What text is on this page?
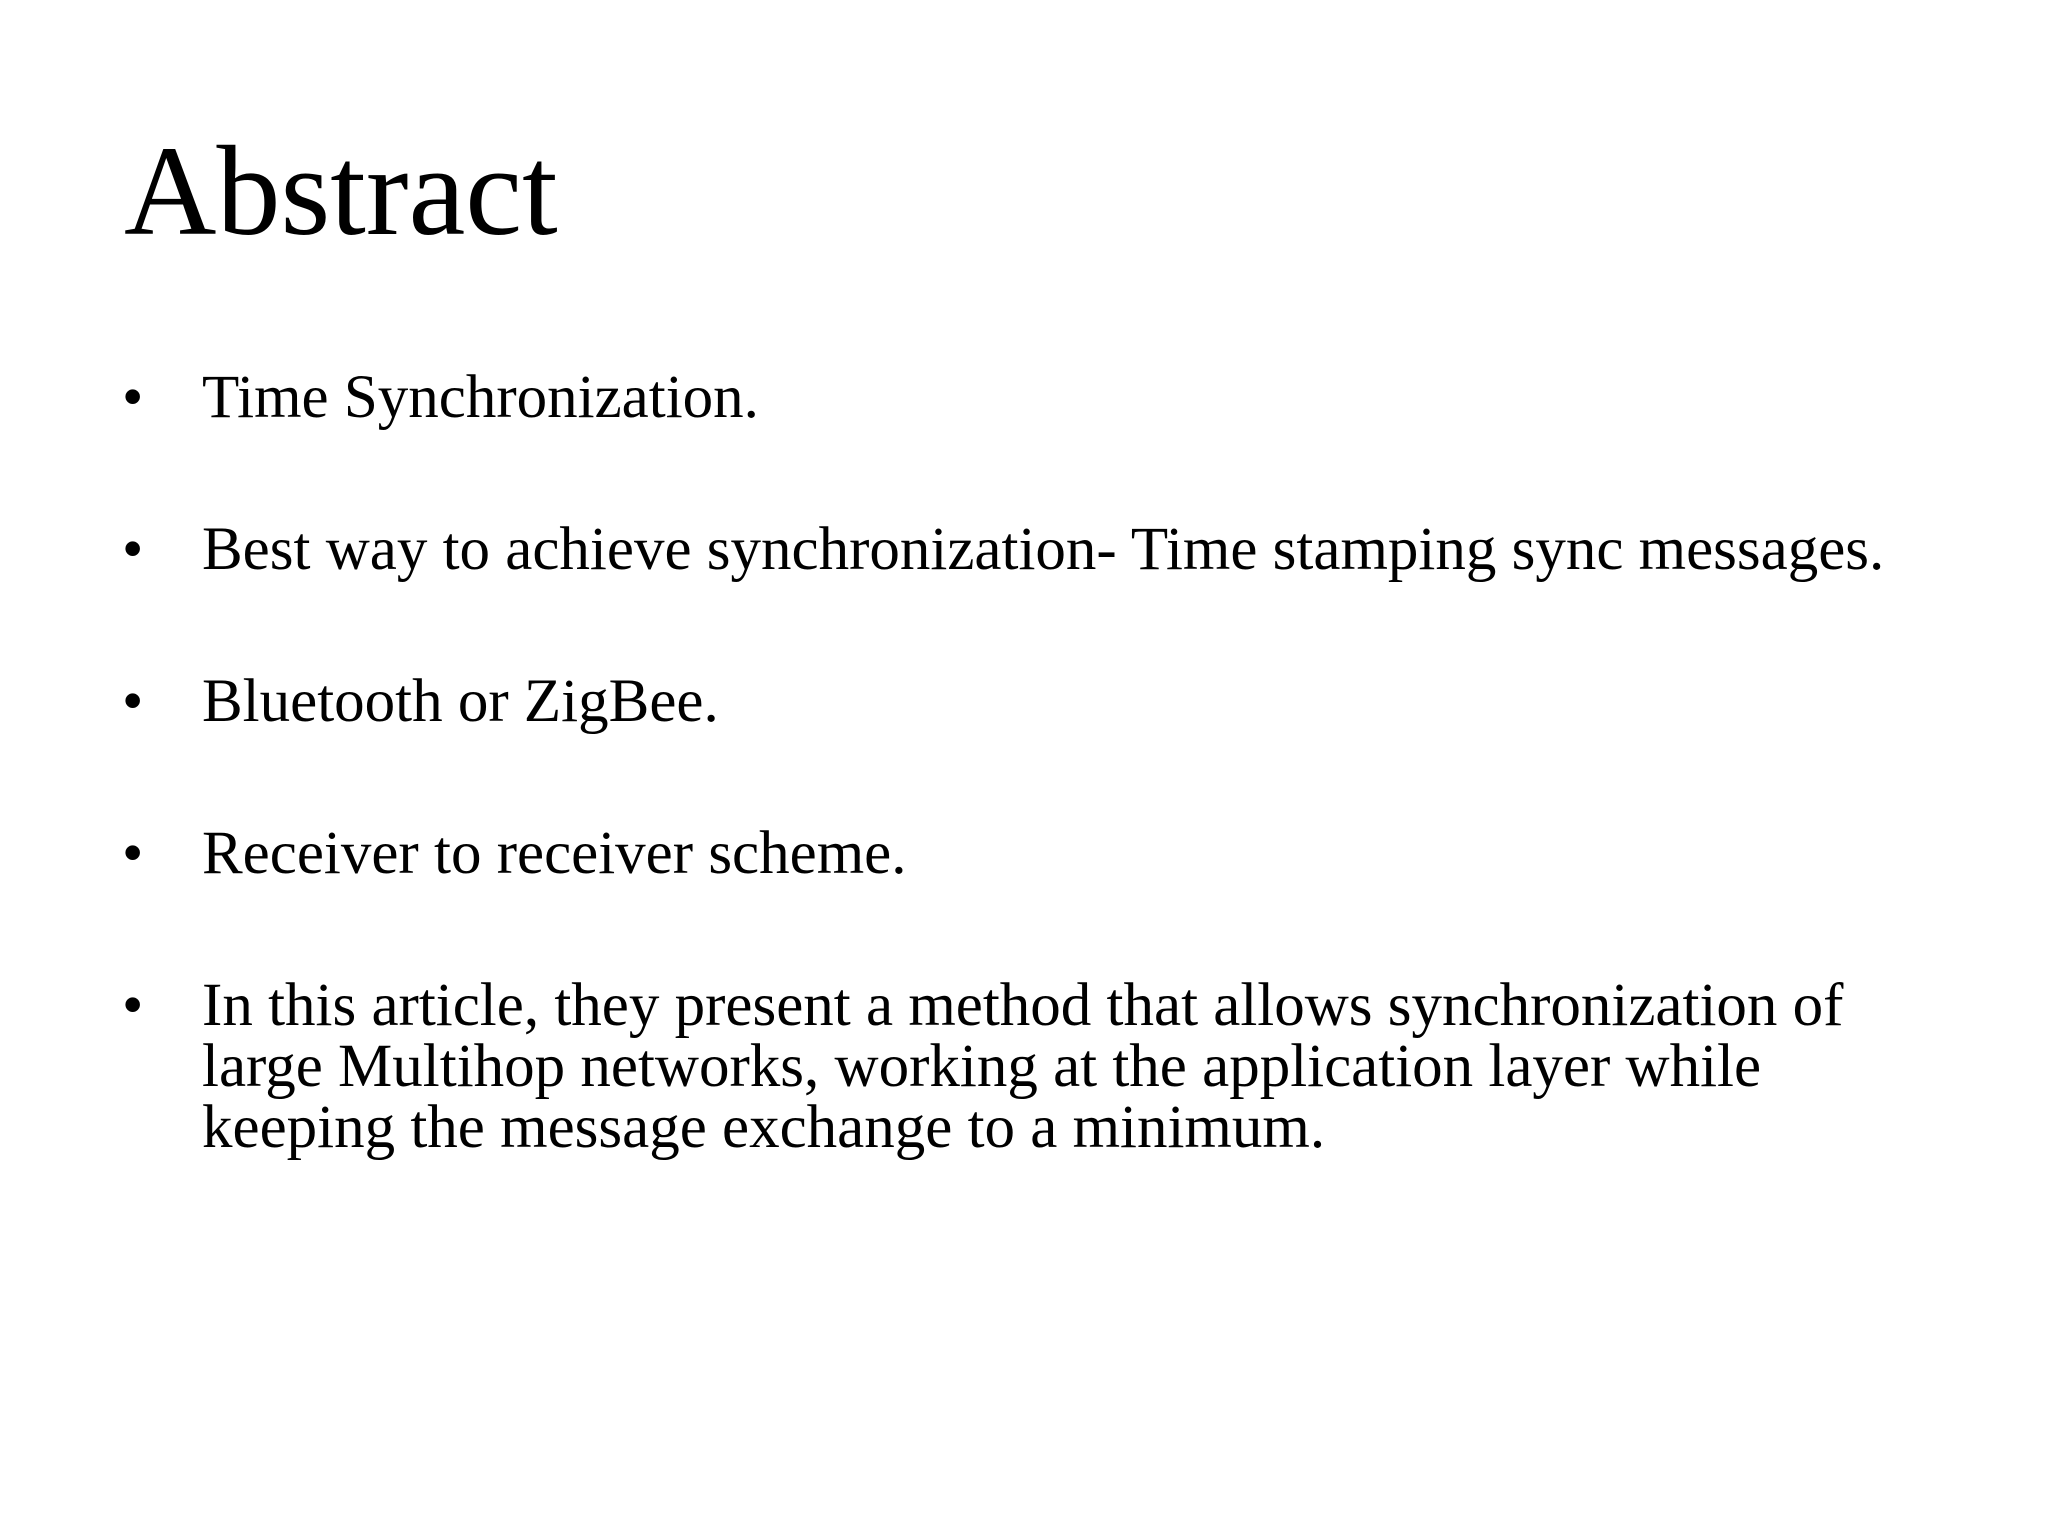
Abstract
• Time Synchronization.
• Best way to achieve synchronization- Time stamping sync messages.
• Bluetooth or ZigBee.
• Receiver to receiver scheme.
• In this article, they present a method that allows synchronization of
large Multihop networks, working at the application layer while
keeping the message exchange to a minimum.
